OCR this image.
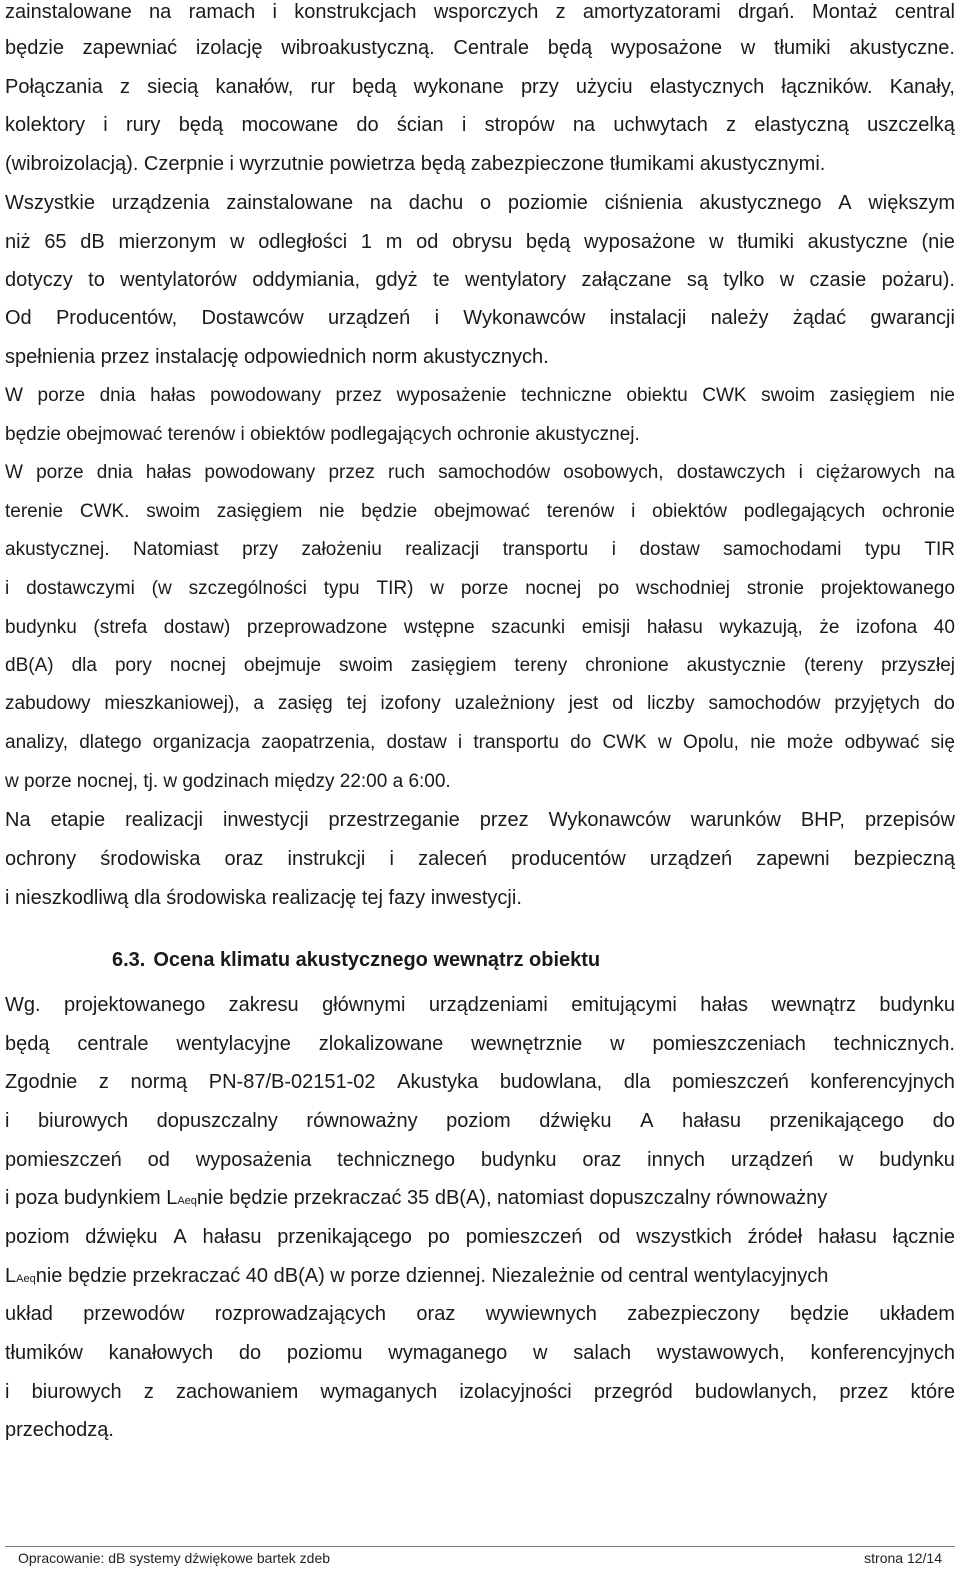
zainstalowane na ramach i konstrukcjach wsporczych z amortyzatorami drgań. Montaż central
będzie zapewniać izolację wibroakustyczną. Centrale będą wyposażone w tłumiki akustyczne.
Połączania z siecią kanałów, rur będą wykonane przy użyciu elastycznych łączników. Kanały,
kolektory i rury będą mocowane do ścian i stropów na uchwytach z elastyczną uszczelką
(wibroizolacją). Czerpnie i wyrzutnie powietrza będą zabezpieczone tłumikami akustycznymi.
Wszystkie urządzenia zainstalowane na dachu o poziomie ciśnienia akustycznego A większym
niż 65 dB mierzonym w odległości 1 m od obrysu będą wyposażone w tłumiki akustyczne (nie
dotyczy to wentylatorów oddymiania, gdyż te wentylatory załączane są tylko w czasie pożaru).
Od Producentów, Dostawców urządzeń i Wykonawców instalacji należy żądać gwarancji
spełnienia przez instalację odpowiednich norm akustycznych.
W porze dnia hałas powodowany przez wyposażenie techniczne obiektu CWK swoim zasięgiem nie
będzie obejmować terenów i obiektów podlegających ochronie akustycznej.
W porze dnia hałas powodowany przez ruch samochodów osobowych, dostawczych i ciężarowych na
terenie CWK. swoim zasięgiem nie będzie obejmować terenów i obiektów podlegających ochronie
akustycznej. Natomiast przy założeniu realizacji transportu i dostaw samochodami typu TIR
i dostawczymi (w szczególności typu TIR) w porze nocnej po wschodniej stronie projektowanego
budynku (strefa dostaw) przeprowadzone wstępne szacunki emisji hałasu wykazują, że izofona 40
dB(A) dla pory nocnej obejmuje swoim zasięgiem tereny chronione akustycznie (tereny przyszłej
zabudowy mieszkaniowej), a zasięg tej izofony uzależniony jest od liczby samochodów przyjętych do
analizy, dlatego organizacja zaopatrzenia, dostaw i transportu do CWK w Opolu, nie może odbywać się
w porze nocnej, tj. w godzinach między 22:00 a 6:00.
Na etapie realizacji inwestycji przestrzeganie przez Wykonawców warunków BHP, przepisów
ochrony środowiska oraz instrukcji i zaleceń producentów urządzeń zapewni bezpieczną
i nieszkodliwą dla środowiska realizację tej fazy inwestycji.
6.3. Ocena klimatu akustycznego wewnątrz obiektu
Wg. projektowanego zakresu głównymi urządzeniami emitującymi hałas wewnątrz budynku
będą centrale wentylacyjne zlokalizowane wewnętrznie w pomieszczeniach technicznych.
Zgodnie z normą PN-87/B-02151-02 Akustyka budowlana, dla pomieszczeń konferencyjnych
i biurowych dopuszczalny równoważny poziom dźwięku A hałasu przenikającego do
pomieszczeń od wyposażenia technicznego budynku oraz innych urządzeń w budynku
i poza budynkiem L Aeq nie będzie przekraczać 35 dB(A), natomiast dopuszczalny równoważny
poziom dźwięku A hałasu przenikającego po pomieszczeń od wszystkich źródeł hałasu łącznie
L Aeq nie będzie przekraczać 40 dB(A) w porze dziennej. Niezależnie od central wentylacyjnych
układ przewodów rozprowadzających oraz wywiewnych zabezpieczony będzie układem
tłumików kanałowych do poziomu wymaganego w salach wystawowych, konferencyjnych
i biurowych z zachowaniem wymaganych izolacyjności przegród budowlanych, przez które
przechodzą.
Opracowanie: dB systemy dźwiękowe bartek zdeb	strona 12/14
